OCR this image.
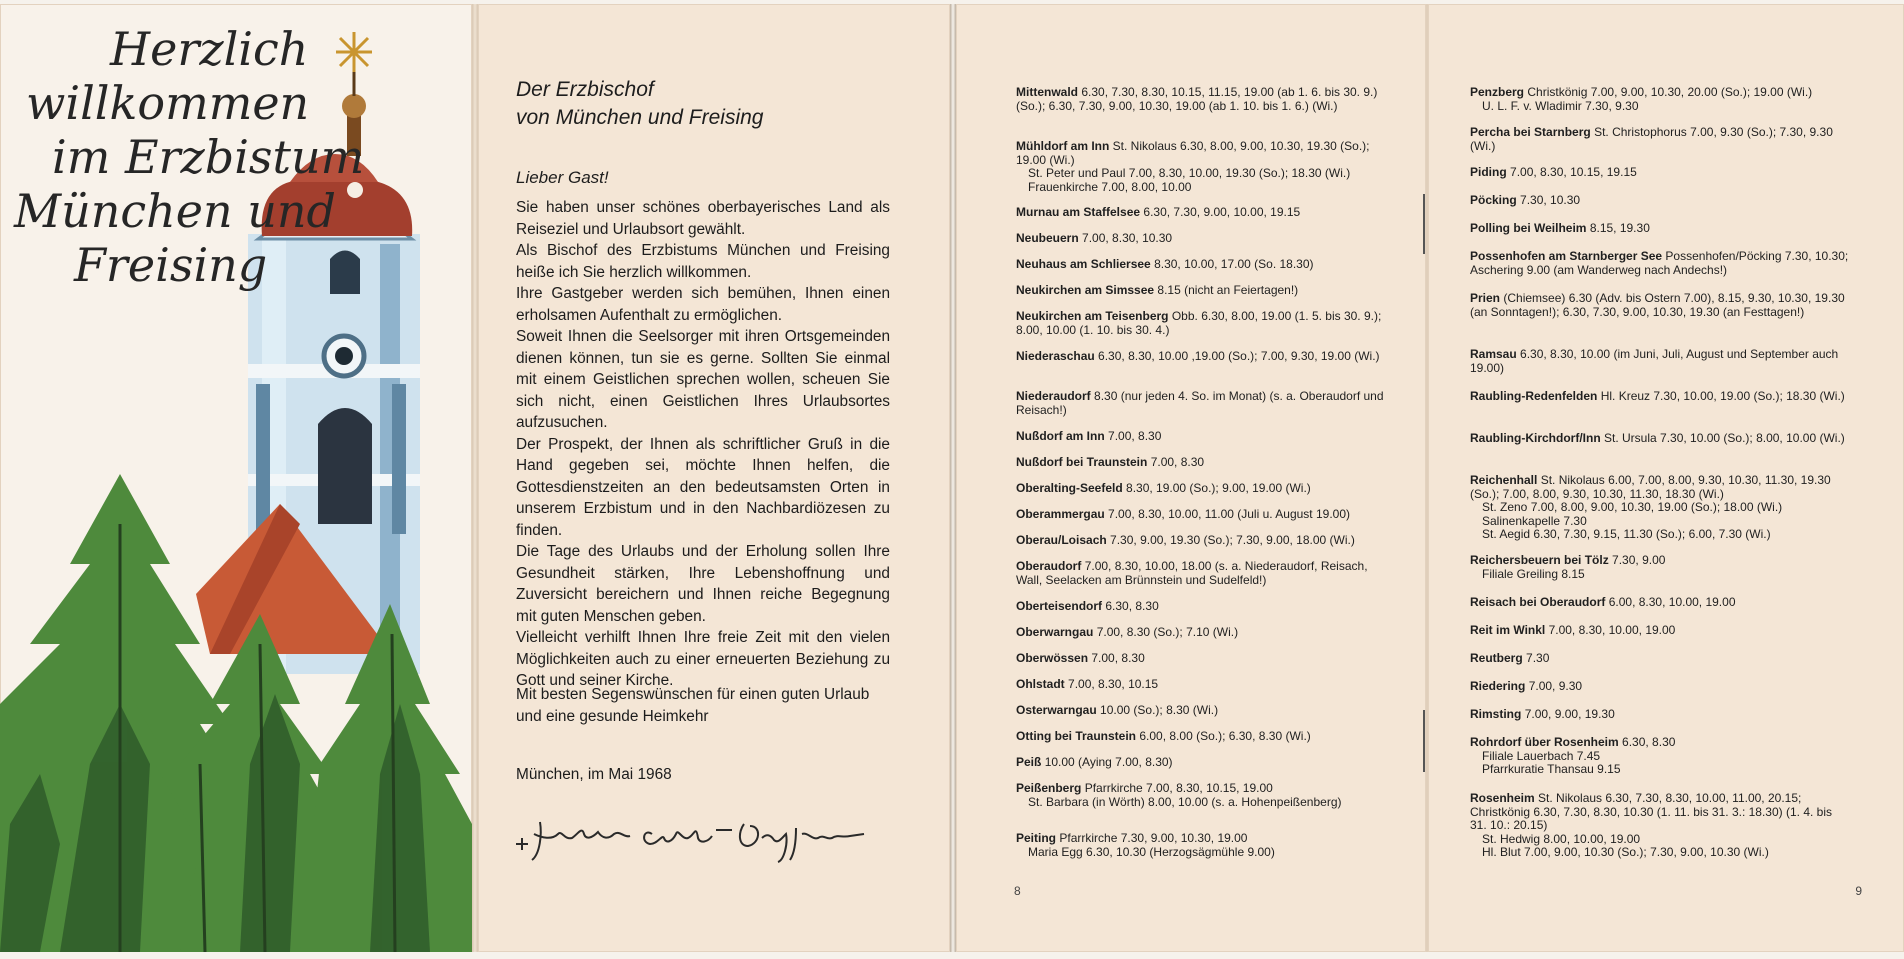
Herzlich
willkommen
im Erzbistum
München und
Freising
Der Erzbischof
von München und Freising
Lieber Gast!

Sie haben unser schönes oberbayerisches Land als Reiseziel und Urlaubsort gewählt.

Als Bischof des Erzbistums München und Freising heiße ich Sie herzlich willkommen.

Ihre Gastgeber werden sich bemühen, Ihnen einen erholsamen Aufenthalt zu ermöglichen.

Soweit Ihnen die Seelsorger mit ihren Ortsgemeinden dienen können, tun sie es gerne. Sollten Sie einmal mit einem Geistlichen sprechen wollen, scheuen Sie sich nicht, einen Geistlichen Ihres Urlaubsortes aufzusuchen.

Der Prospekt, der Ihnen als schriftlicher Gruß in die Hand gegeben sei, möchte Ihnen helfen, die Gottesdienstzeiten an den bedeutsamsten Orten in unserem Erzbistum und in den Nachbardiözesen zu finden.

Die Tage des Urlaubs und der Erholung sollen Ihre Gesundheit stärken, Ihre Lebenshoffnung und Zuversicht bereichern und Ihnen reiche Begegnung mit guten Menschen geben.

Vielleicht verhilft Ihnen Ihre freie Zeit mit den vielen Möglichkeiten auch zu einer erneuerten Beziehung zu Gott und seiner Kirche.

Mit besten Segenswünschen für einen guten Urlaub und eine gesunde Heimkehr
München, im Mai 1968
Mittenwald 6.30, 7.30, 8.30, 10.15, 11.15, 19.00 (ab 1. 6. bis 30. 9.) (So.); 6.30, 7.30, 9.00, 10.30, 19.00 (ab 1. 10. bis 1. 6.) (Wi.)
Mühldorf am Inn St. Nikolaus 6.30, 8.00, 9.00, 10.30, 19.30 (So.); 19.00 (Wi.)
St. Peter und Paul 7.00, 8.30, 10.00, 19.30 (So.); 18.30 (Wi.)
Frauenkirche 7.00, 8.00, 10.00
Murnau am Staffelsee 6.30, 7.30, 9.00, 10.00, 19.15
Neubeuern 7.00, 8.30, 10.30
Neuhaus am Schliersee 8.30, 10.00, 17.00 (So. 18.30)
Neukirchen am Simssee 8.15 (nicht an Feiertagen!)
Neukirchen am Teisenberg Obb. 6.30, 8.00, 19.00 (1. 5. bis 30. 9.); 8.00, 10.00 (1. 10. bis 30. 4.)
Niederaschau 6.30, 8.30, 10.00 ,19.00 (So.); 7.00, 9.30, 19.00 (Wi.)
Niederaudorf 8.30 (nur jeden 4. So. im Monat) (s. a. Oberaudorf und Reisach!)
Nußdorf am Inn 7.00, 8.30
Nußdorf bei Traunstein 7.00, 8.30
Oberalting-Seefeld 8.30, 19.00 (So.); 9.00, 19.00 (Wi.)
Oberammergau 7.00, 8.30, 10.00, 11.00 (Juli u. August 19.00)
Oberau/Loisach 7.30, 9.00, 19.30 (So.); 7.30, 9.00, 18.00 (Wi.)
Oberaudorf 7.00, 8.30, 10.00, 18.00 (s. a. Niederaudorf, Reisach, Wall, Seelacken am Brünnstein und Sudelfeld!)
Oberteisendorf 6.30, 8.30
Oberwarngau 7.00, 8.30 (So.); 7.10 (Wi.)
Oberwössen 7.00, 8.30
Ohlstadt 7.00, 8.30, 10.15
Osterwarngau 10.00 (So.); 8.30 (Wi.)
Otting bei Traunstein 6.00, 8.00 (So.); 6.30, 8.30 (Wi.)
Peiß 10.00 (Aying 7.00, 8.30)
Peißenberg Pfarrkirche 7.00, 8.30, 10.15, 19.00
St. Barbara (in Wörth) 8.00, 10.00 (s. a. Hohenpeißenberg)
Peiting Pfarrkirche 7.30, 9.00, 10.30, 19.00
Maria Egg 6.30, 10.30 (Herzogsägmühle 9.00)
8
Penzberg Christkönig 7.00, 9.00, 10.30, 20.00 (So.); 19.00 (Wi.)
U. L. F. v. Wladimir 7.30, 9.30
Percha bei Starnberg St. Christophorus 7.00, 9.30 (So.); 7.30, 9.30 (Wi.)
Piding 7.00, 8.30, 10.15, 19.15
Pöcking 7.30, 10.30
Polling bei Weilheim 8.15, 19.30
Possenhofen am Starnberger See Possenhofen/Pöcking 7.30, 10.30; Aschering 9.00 (am Wanderweg nach Andechs!)
Prien (Chiemsee) 6.30 (Adv. bis Ostern 7.00), 8.15, 9.30, 10.30, 19.30 (an Sonntagen!); 6.30, 7.30, 9.00, 10.30, 19.30 (an Festtagen!)
Ramsau 6.30, 8.30, 10.00 (im Juni, Juli, August und September auch 19.00)
Raubling-Redenfelden Hl. Kreuz 7.30, 10.00, 19.00 (So.); 18.30 (Wi.)
Raubling-Kirchdorf/Inn St. Ursula 7.30, 10.00 (So.); 8.00, 10.00 (Wi.)
Reichenhall St. Nikolaus 6.00, 7.00, 8.00, 9.30, 10.30, 11.30, 19.30 (So.); 7.00, 8.00, 9.30, 10.30, 11.30, 18.30 (Wi.)
St. Zeno 7.00, 8.00, 9.00, 10.30, 19.00 (So.); 18.00 (Wi.)
Salinenkapelle 7.30
St. Aegid 6.30, 7.30, 9.15, 11.30 (So.); 6.00, 7.30 (Wi.)
Reichersbeuern bei Tölz 7.30, 9.00
Filiale Greiling 8.15
Reisach bei Oberaudorf 6.00, 8.30, 10.00, 19.00
Reit im Winkl 7.00, 8.30, 10.00, 19.00
Reutberg 7.30
Riedering 7.00, 9.30
Rimsting 7.00, 9.00, 19.30
Rohrdorf über Rosenheim 6.30, 8.30
Filiale Lauerbach 7.45
Pfarrkuratie Thansau 9.15
Rosenheim St. Nikolaus 6.30, 7.30, 8.30, 10.00, 11.00, 20.15; Christkönig 6.30, 7.30, 8.30, 10.30 (1. 11. bis 31. 3.: 18.30) (1. 4. bis 31. 10.: 20.15)
St. Hedwig 8.00, 10.00, 19.00
Hl. Blut 7.00, 9.00, 10.30 (So.); 7.30, 9.00, 10.30 (Wi.)
9
